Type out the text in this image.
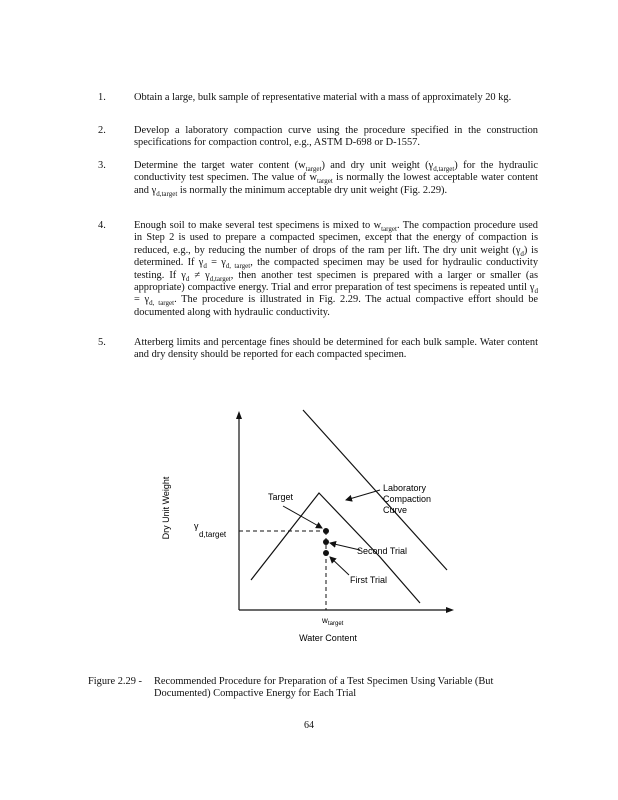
1.	Obtain a large, bulk sample of representative material with a mass of approximately 20 kg.
2.	Develop a laboratory compaction curve using the procedure specified in the construction specifications for compaction control, e.g., ASTM D-698 or D-1557.
3.	Determine the target water content $(w_{target})$ and dry unit weight $(\gamma_{d,target})$ for the hydraulic conductivity test specimen. The value of $w_{target}$ is normally the lowest acceptable water content and $\gamma_{d,target}$ is normally the minimum acceptable dry unit weight (Fig. 2.29).
4.	Enough soil to make several test specimens is mixed to $w_{target}$. The compaction procedure used in Step 2 is used to prepare a compacted specimen, except that the energy of compaction is reduced, e.g., by reducing the number of drops of the ram per lift. The dry unit weight $(\gamma_d)$ is determined. If $\gamma_d = \gamma_{d, target}$, the compacted specimen may be used for hydraulic conductivity testing. If $\gamma_d \ne \gamma_{d,target}$, then another test specimen is prepared with a larger or smaller (as appropriate) compactive energy. Trial and error preparation of test specimens is repeated until $\gamma_d = \gamma_{d, target}$. The procedure is illustrated in Fig. 2.29. The actual compactive effort should be documented along with hydraulic conductivity.
5.	Atterberg limits and percentage fines should be determined for each bulk sample. Water content and dry density should be reported for each compacted specimen.
Target
Laboratory
Compaction
Curve
Second Trial
First Trial
γ
d,target
w target
Dry Unit Weight
Water Content
Figure 2.29 - Recommended Procedure for Preparation of a Test Specimen Using Variable (But Documented) Compactive Energy for Each Trial
64
